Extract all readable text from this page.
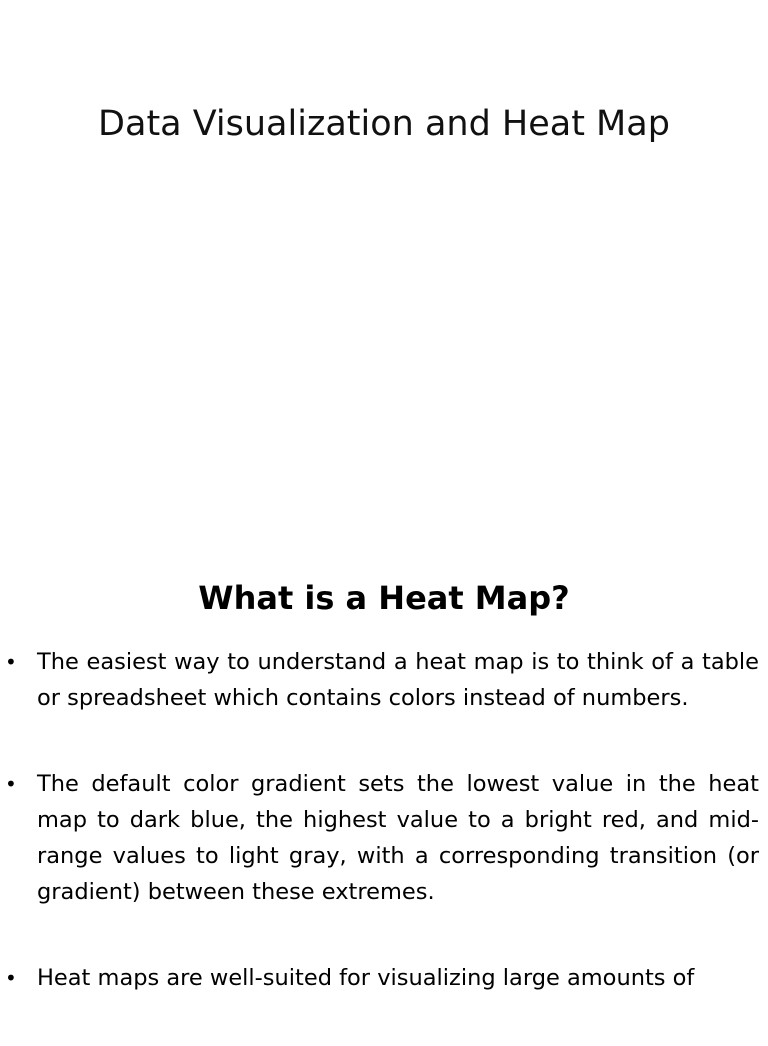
Data Visualization and Heat Map
What is a Heat Map?
• The easiest way to understand a heat map is to think of a table or spreadsheet which contains colors instead of numbers.
• The default color gradient sets the lowest value in the heat map to dark blue, the highest value to a bright red, and mid-range values to light gray, with a corresponding transition (or gradient) between these extremes.
• Heat maps are well-suited for visualizing large amounts of
